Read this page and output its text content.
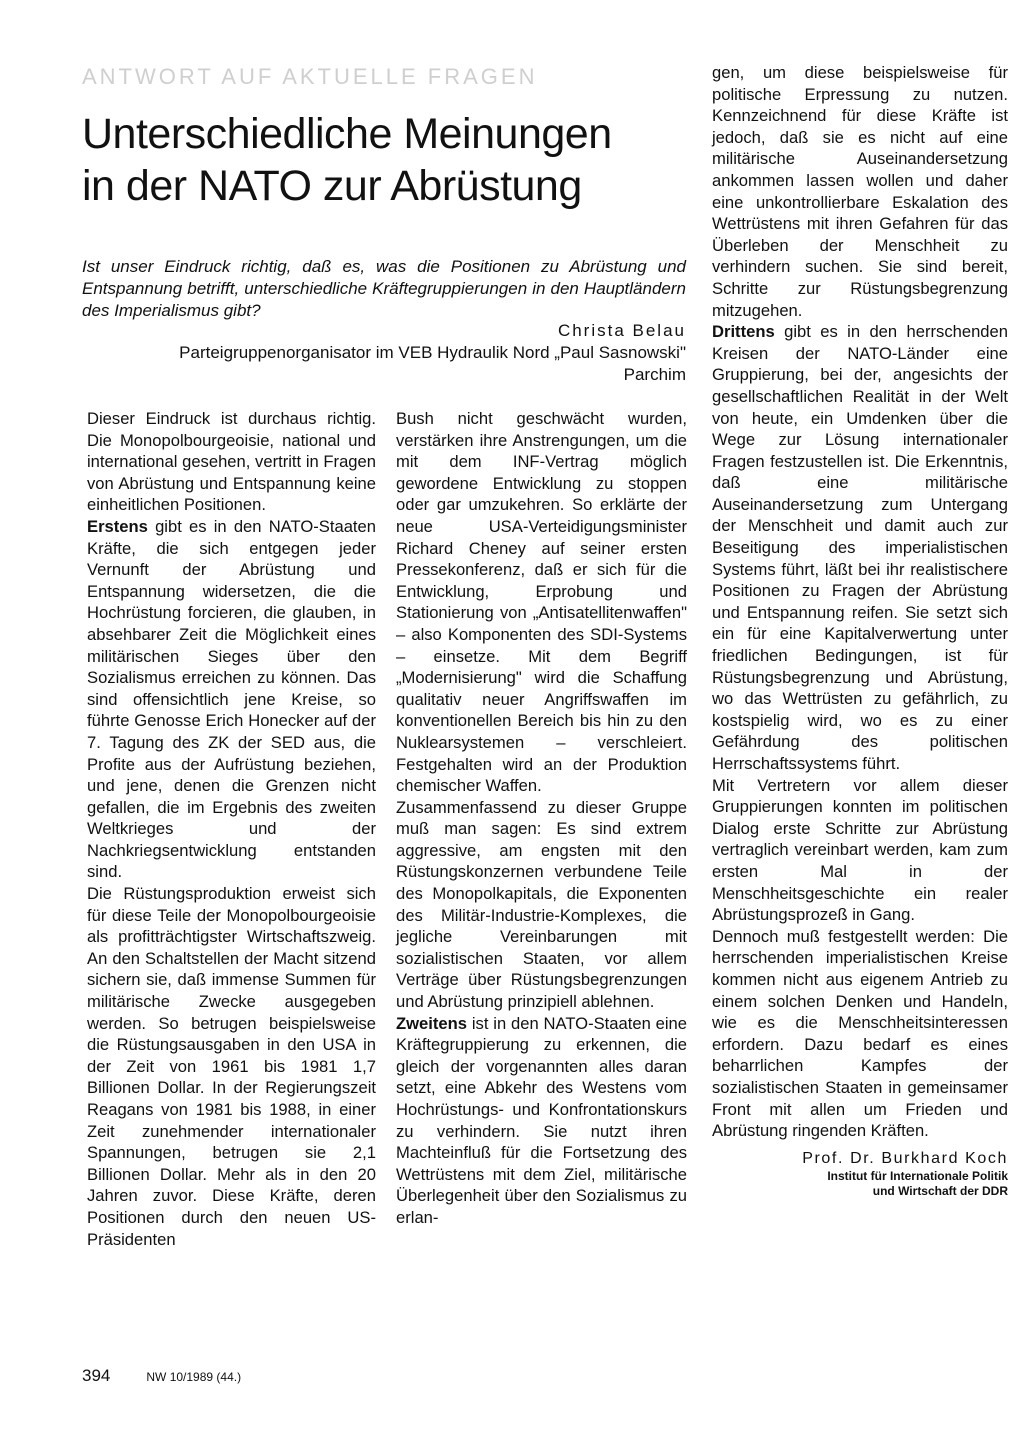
ANTWORT AUF AKTUELLE FRAGEN
Unterschiedliche Meinungen
in der NATO zur Abrüstung

Ist unser Eindruck richtig, daß es, was die Positionen zu Abrüstung und Entspannung betrifft, unterschiedliche Kräftegruppierungen in den Hauptländern des Imperialismus gibt?

Christa Belau
Parteigruppenorganisator im VEB Hydraulik Nord „Paul Sasnowski"
Parchim

Dieser Eindruck ist durchaus richtig. Die Monopolbourgeoisie, national und international gesehen, vertritt in Fragen von Abrüstung und Entspannung keine einheitlichen Positionen.

Erstens gibt es in den NATO-Staaten Kräfte, die sich entgegen jeder Vernunft der Abrüstung und Entspannung widersetzen, die die Hochrüstung forcieren, die glauben, in absehbarer Zeit die Möglichkeit eines militärischen Sieges über den Sozialismus erreichen zu können. Das sind offensichtlich jene Kreise, so führte Genosse Erich Honecker auf der 7. Tagung des ZK der SED aus, die Profite aus der Aufrüstung beziehen, und jene, denen die Grenzen nicht gefallen, die im Ergebnis des zweiten Weltkrieges und der Nachkriegsentwicklung entstanden sind.

Die Rüstungsproduktion erweist sich für diese Teile der Monopolbourgeoisie als profitträchtigster Wirtschaftszweig. An den Schaltstellen der Macht sitzend sichern sie, daß immense Summen für militärische Zwecke ausgegeben werden. So betrugen beispielsweise die Rüstungsausgaben in den USA in der Zeit von 1961 bis 1981 1,7 Billionen Dollar. In der Regierungszeit Reagans von 1981 bis 1988, in einer Zeit zunehmender internationaler Spannungen, betrugen sie 2,1 Billionen Dollar. Mehr als in den 20 Jahren zuvor. Diese Kräfte, deren Positionen durch den neuen US-Präsidenten

Bush nicht geschwächt wurden, verstärken ihre Anstrengungen, um die mit dem INF-Vertrag möglich gewordene Entwicklung zu stoppen oder gar umzukehren. So erklärte der neue USA-Verteidigungsminister Richard Cheney auf seiner ersten Pressekonferenz, daß er sich für die Entwicklung, Erprobung und Stationierung von „Antisatellitenwaffen" – also Komponenten des SDI-Systems – einsetze. Mit dem Begriff „Modernisierung" wird die Schaffung qualitativ neuer Angriffswaffen im konventionellen Bereich bis hin zu den Nuklearsystemen – verschleiert. Festgehalten wird an der Produktion chemischer Waffen.

Zusammenfassend zu dieser Gruppe muß man sagen: Es sind extrem aggressive, am engsten mit den Rüstungskonzernen verbundene Teile des Monopolkapitals, die Exponenten des Militär-Industrie-Komplexes, die jegliche Vereinbarungen mit sozialistischen Staaten, vor allem Verträge über Rüstungsbegrenzungen und Abrüstung prinzipiell ablehnen.

Zweitens ist in den NATO-Staaten eine Kräftegruppierung zu erkennen, die gleich der vorgenannten alles daran setzt, eine Abkehr des Westens vom Hochrüstungs- und Konfrontationskurs zu verhindern. Sie nutzt ihren Machteinfluß für die Fortsetzung des Wettrüstens mit dem Ziel, militärische Überlegenheit über den Sozialismus zu erlan-

gen, um diese beispielsweise für politische Erpressung zu nutzen. Kennzeichnend für diese Kräfte ist jedoch, daß sie es nicht auf eine militärische Auseinandersetzung ankommen lassen wollen und daher eine unkontrollierbare Eskalation des Wettrüstens mit ihren Gefahren für das Überleben der Menschheit zu verhindern suchen. Sie sind bereit, Schritte zur Rüstungsbegrenzung mitzugehen.

Drittens gibt es in den herrschenden Kreisen der NATO-Länder eine Gruppierung, bei der, angesichts der gesellschaftlichen Realität in der Welt von heute, ein Umdenken über die Wege zur Lösung internationaler Fragen festzustellen ist. Die Erkenntnis, daß eine militärische Auseinandersetzung zum Untergang der Menschheit und damit auch zur Beseitigung des imperialistischen Systems führt, läßt bei ihr realistischere Positionen zu Fragen der Abrüstung und Entspannung reifen. Sie setzt sich ein für eine Kapitalverwertung unter friedlichen Bedingungen, ist für Rüstungsbegrenzung und Abrüstung, wo das Wettrüsten zu gefährlich, zu kostspielig wird, wo es zu einer Gefährdung des politischen Herrschaftssystems führt.

Mit Vertretern vor allem dieser Gruppierungen konnten im politischen Dialog erste Schritte zur Abrüstung vertraglich vereinbart werden, kam zum ersten Mal in der Menschheitsgeschichte ein realer Abrüstungsprozeß in Gang.

Dennoch muß festgestellt werden: Die herrschenden imperialistischen Kreise kommen nicht aus eigenem Antrieb zu einem solchen Denken und Handeln, wie es die Menschheitsinteressen erfordern. Dazu bedarf es eines beharrlichen Kampfes der sozialistischen Staaten in gemeinsamer Front mit allen um Frieden und Abrüstung ringenden Kräften.

Prof. Dr. Burkhard Koch

Institut für Internationale Politik
und Wirtschaft der DDR
394	NW 10/1989 (44.)
